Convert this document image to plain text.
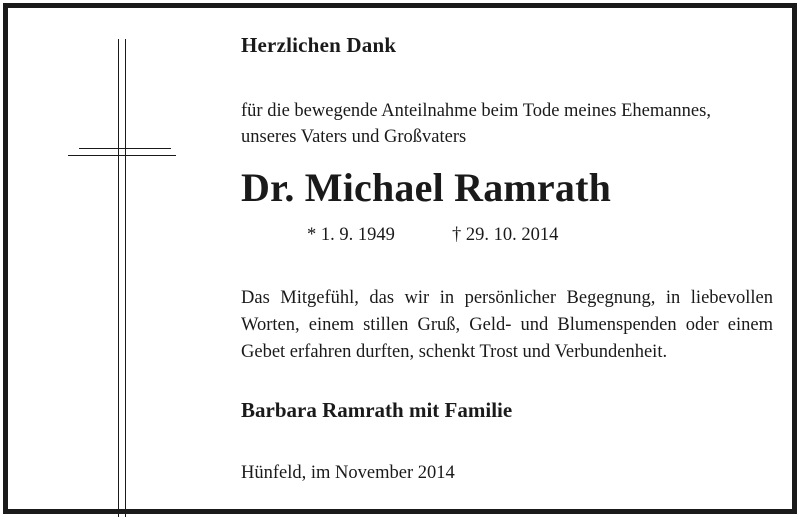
Herzlichen Dank

für die bewegende Anteilnahme beim Tode meines Ehemannes,
unseres Vaters und Großvaters

Dr. Michael Ramrath

* 1. 9. 1949	† 29. 10. 2014

Das Mitgefühl, das wir in persönlicher Begegnung, in liebevollen Worten, einem stillen Gruß, Geld- und Blumenspenden oder einem Gebet erfahren durften, schenkt Trost und Verbundenheit.

Barbara Ramrath mit Familie

Hünfeld, im November 2014
